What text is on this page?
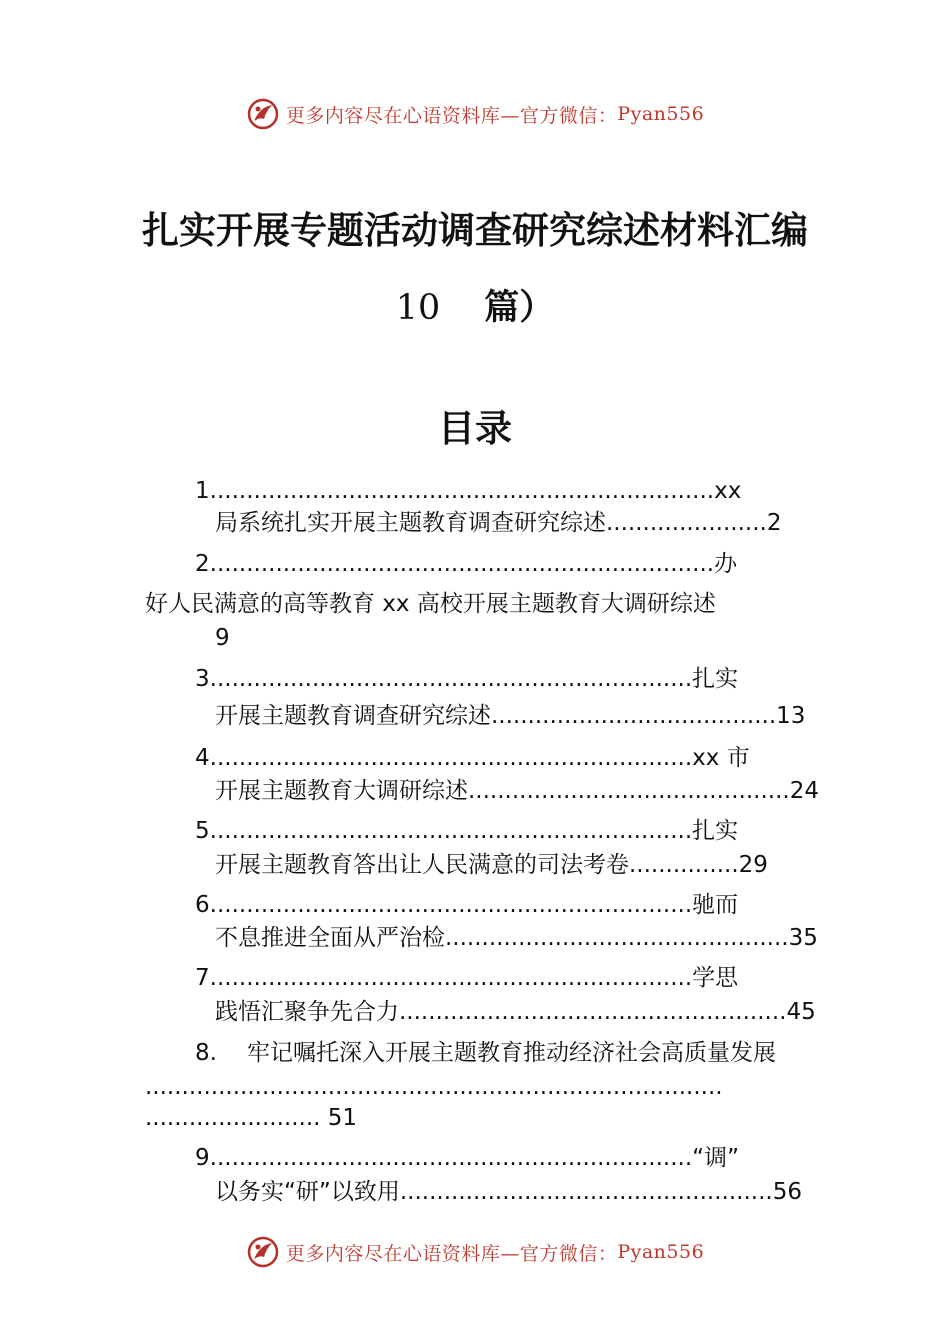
更多内容尽在心语资料库—官方微信： Pyan556
扎实开展专题活动调查研究综述材料汇编
10 篇）
目录
1.....................................................................xx
局系统扎实开展主题教育调查研究综述......................2
2.....................................................................办
好人民满意的高等教育 xx 高校开展主题教育大调研综述
9
3..................................................................扎实
开展主题教育调查研究综述.......................................13
4..................................................................xx 市
开展主题教育大调研综述............................................24
5..................................................................扎实
开展主题教育答出让人民满意的司法考卷...............29
6..................................................................驰而
不息推进全面从严治检...............................................35
7..................................................................学思
践悟汇聚争先合力.....................................................45
8. 牢记嘱托深入开展主题教育推动经济社会高质量发展
...............................................................................
........................ 51
9..................................................................“调”
以务实“研”以致用...................................................56
更多内容尽在心语资料库—官方微信： Pyan556
